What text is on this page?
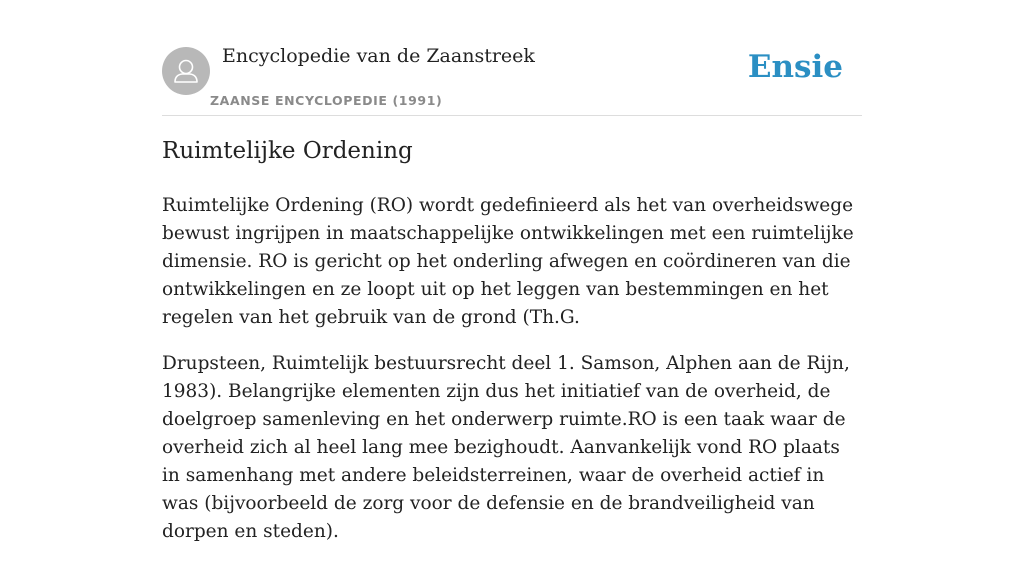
Encyclopedie van de Zaanstreek
ZAANSE ENCYCLOPEDIE (1991)
Ensie
Ruimtelijke Ordening

Ruimtelijke Ordening (RO) wordt gedefinieerd als het van overheidswege bewust ingrijpen in maatschappelijke ontwikkelingen met een ruimtelijke dimensie. RO is gericht op het onderling afwegen en coördineren van die ontwikkelingen en ze loopt uit op het leggen van bestemmingen en het regelen van het gebruik van de grond (Th.G.

Drupsteen, Ruimtelijk bestuursrecht deel 1. Samson, Alphen aan de Rijn, 1983). Belangrijke elementen zijn dus het initiatief van de overheid, de doelgroep samenleving en het onderwerp ruimte.RO is een taak waar de overheid zich al heel lang mee bezighoudt. Aanvankelijk vond RO plaats in samenhang met andere beleidsterreinen, waar de overheid actief in was (bijvoorbeeld de zorg voor de defensie en de brandveiligheid van dorpen en steden).
